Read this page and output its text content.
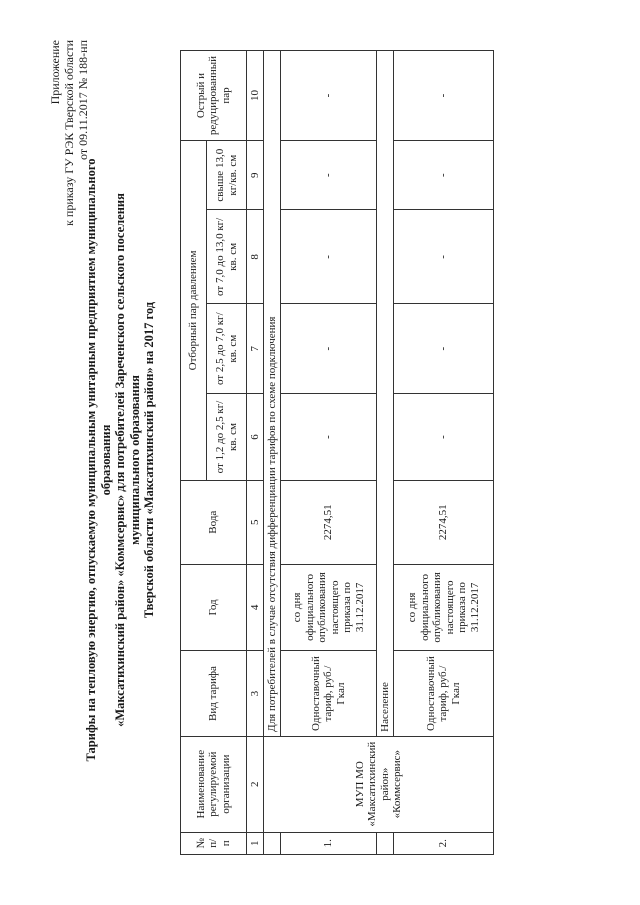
Приложение к приказу ГУ РЭК Тверской области от 09.11.2017 № 188-нп
Тарифы на тепловую энергию, отпускаемую муниципальным унитарным предприятием муниципального образования «Максатихинский район» «Коммсервис» для потребителей Зареченского сельского поселения муниципального образования Тверской области «Максатихинский район» на 2017 год
№ п/п	Наименование регулируемой организации	Вид тарифа	Год	Вода	Отборный пар давлением				Острый и редуцированный пар
					от 1,2 до 2,5 кг/кв. см	от 2,5 до 7,0 кг/кв. см	от 7,0 до 13,0 кг/кв. см	свыше 13,0 кг/кв. см	
1	2	3	4	5	6	7	8	9	10
	МУП МО «Максатихинский район» «Коммсервис»	Для потребителей в случае отсутствия дифференциации тарифов по схеме подключения							
1.		Одноставочный тариф, руб./Гкал	со дня официального опубликования настоящего приказа по 31.12.2017	2274,51	-	-	-	-	-
		Население							
2.		Одноставочный тариф, руб./Гкал	со дня официального опубликования настоящего приказа по 31.12.2017	2274,51	-	-	-	-	-
